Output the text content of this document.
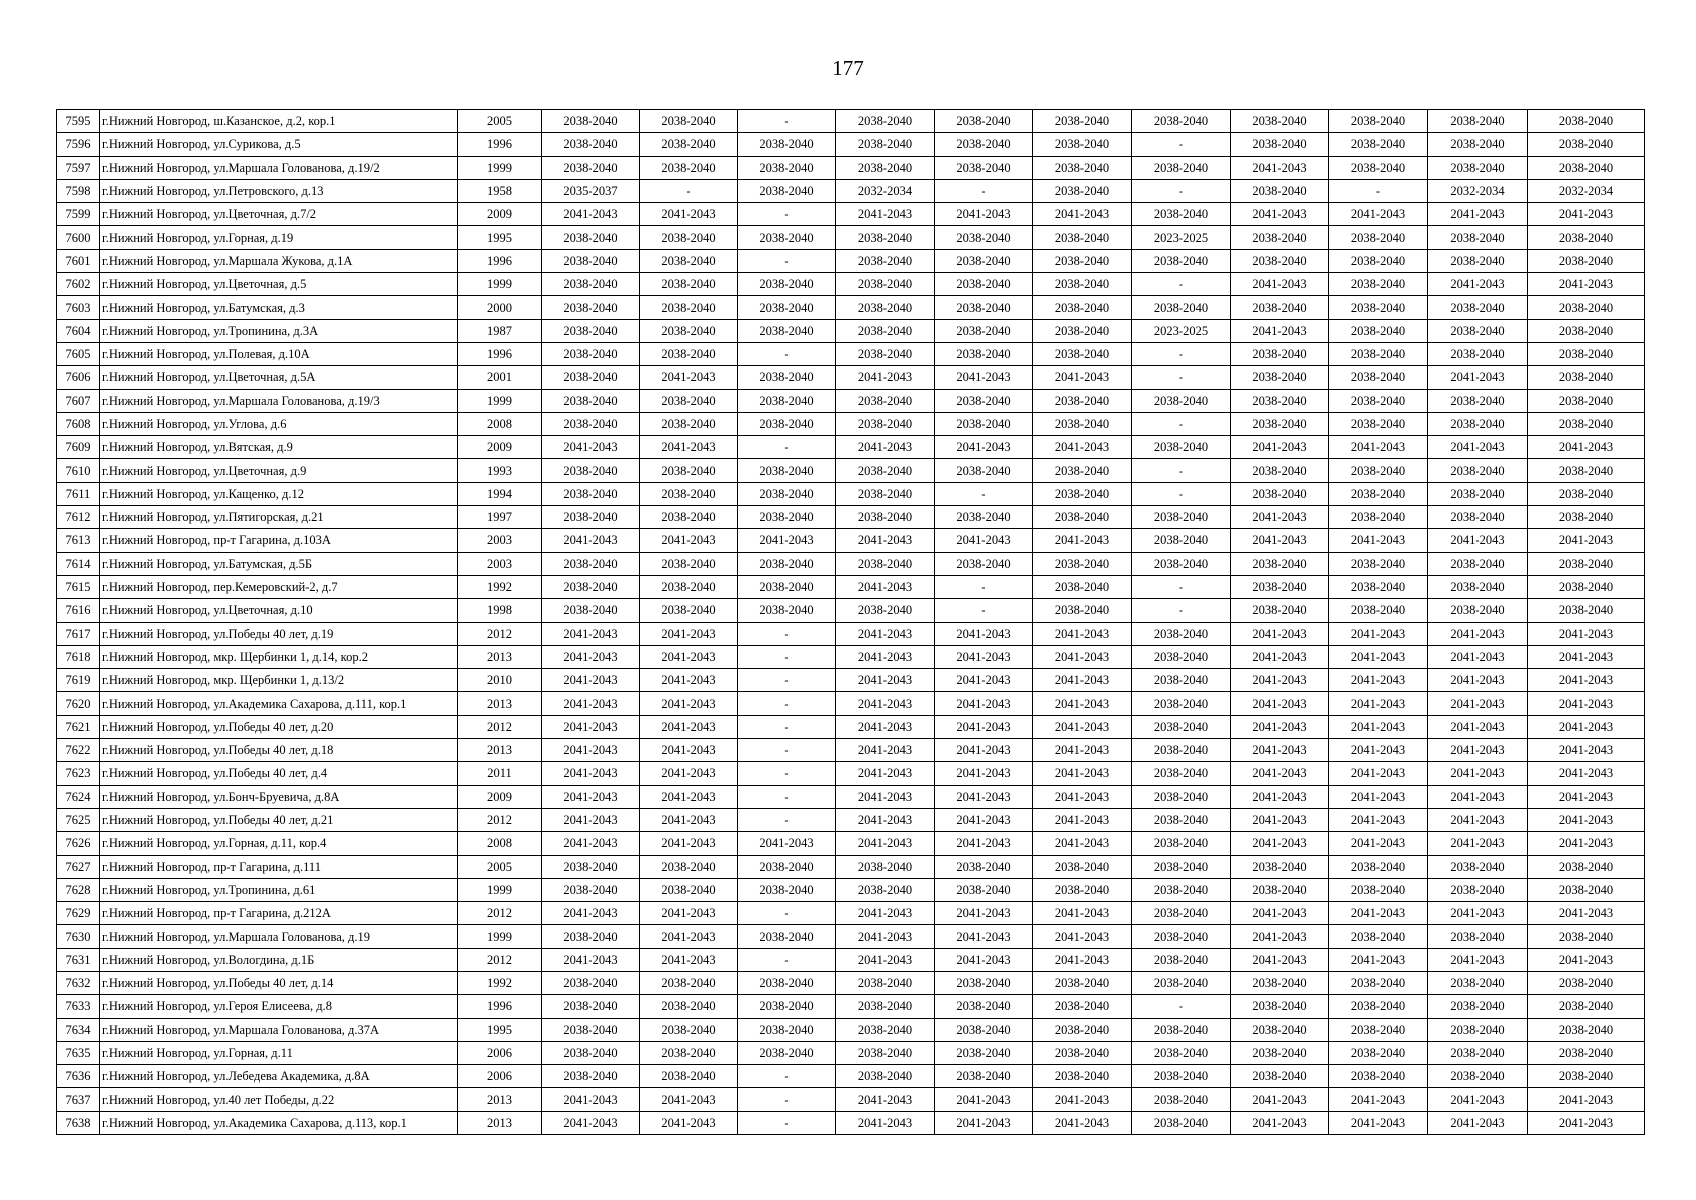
177
7595	г.Нижний Новгород, ш.Казанское, д.2, кор.1	2005	2038-2040	2038-2040	-	2038-2040	2038-2040	2038-2040	2038-2040	2038-2040	2038-2040	2038-2040	2038-2040
7596	г.Нижний Новгород, ул.Сурикова, д.5	1996	2038-2040	2038-2040	2038-2040	2038-2040	2038-2040	2038-2040	-	2038-2040	2038-2040	2038-2040	2038-2040
7597	г.Нижний Новгород, ул.Маршала Голованова, д.19/2	1999	2038-2040	2038-2040	2038-2040	2038-2040	2038-2040	2038-2040	2038-2040	2041-2043	2038-2040	2038-2040	2038-2040
7598	г.Нижний Новгород, ул.Петровского, д.13	1958	2035-2037	-	2038-2040	2032-2034	-	2038-2040	-	2038-2040	-	2032-2034	2032-2034
7599	г.Нижний Новгород, ул.Цветочная, д.7/2	2009	2041-2043	2041-2043	-	2041-2043	2041-2043	2041-2043	2038-2040	2041-2043	2041-2043	2041-2043	2041-2043
7600	г.Нижний Новгород, ул.Горная, д.19	1995	2038-2040	2038-2040	2038-2040	2038-2040	2038-2040	2038-2040	2023-2025	2038-2040	2038-2040	2038-2040	2038-2040
7601	г.Нижний Новгород, ул.Маршала Жукова, д.1А	1996	2038-2040	2038-2040	-	2038-2040	2038-2040	2038-2040	2038-2040	2038-2040	2038-2040	2038-2040	2038-2040
7602	г.Нижний Новгород, ул.Цветочная, д.5	1999	2038-2040	2038-2040	2038-2040	2038-2040	2038-2040	2038-2040	-	2041-2043	2038-2040	2041-2043	2041-2043
7603	г.Нижний Новгород, ул.Батумская, д.3	2000	2038-2040	2038-2040	2038-2040	2038-2040	2038-2040	2038-2040	2038-2040	2038-2040	2038-2040	2038-2040	2038-2040
7604	г.Нижний Новгород, ул.Тропинина, д.3А	1987	2038-2040	2038-2040	2038-2040	2038-2040	2038-2040	2038-2040	2023-2025	2041-2043	2038-2040	2038-2040	2038-2040
7605	г.Нижний Новгород, ул.Полевая, д.10А	1996	2038-2040	2038-2040	-	2038-2040	2038-2040	2038-2040	-	2038-2040	2038-2040	2038-2040	2038-2040
7606	г.Нижний Новгород, ул.Цветочная, д.5А	2001	2038-2040	2041-2043	2038-2040	2041-2043	2041-2043	2041-2043	-	2038-2040	2038-2040	2041-2043	2038-2040
7607	г.Нижний Новгород, ул.Маршала Голованова, д.19/3	1999	2038-2040	2038-2040	2038-2040	2038-2040	2038-2040	2038-2040	2038-2040	2038-2040	2038-2040	2038-2040	2038-2040
7608	г.Нижний Новгород, ул.Углова, д.6	2008	2038-2040	2038-2040	2038-2040	2038-2040	2038-2040	2038-2040	-	2038-2040	2038-2040	2038-2040	2038-2040
7609	г.Нижний Новгород, ул.Вятская, д.9	2009	2041-2043	2041-2043	-	2041-2043	2041-2043	2041-2043	2038-2040	2041-2043	2041-2043	2041-2043	2041-2043
7610	г.Нижний Новгород, ул.Цветочная, д.9	1993	2038-2040	2038-2040	2038-2040	2038-2040	2038-2040	2038-2040	-	2038-2040	2038-2040	2038-2040	2038-2040
7611	г.Нижний Новгород, ул.Кащенко, д.12	1994	2038-2040	2038-2040	2038-2040	2038-2040	-	2038-2040	-	2038-2040	2038-2040	2038-2040	2038-2040
7612	г.Нижний Новгород, ул.Пятигорская, д.21	1997	2038-2040	2038-2040	2038-2040	2038-2040	2038-2040	2038-2040	2038-2040	2041-2043	2038-2040	2038-2040	2038-2040
7613	г.Нижний Новгород, пр-т Гагарина, д.103А	2003	2041-2043	2041-2043	2041-2043	2041-2043	2041-2043	2041-2043	2038-2040	2041-2043	2041-2043	2041-2043	2041-2043
7614	г.Нижний Новгород, ул.Батумская, д.5Б	2003	2038-2040	2038-2040	2038-2040	2038-2040	2038-2040	2038-2040	2038-2040	2038-2040	2038-2040	2038-2040	2038-2040
7615	г.Нижний Новгород, пер.Кемеровский-2, д.7	1992	2038-2040	2038-2040	2038-2040	2041-2043	-	2038-2040	-	2038-2040	2038-2040	2038-2040	2038-2040
7616	г.Нижний Новгород, ул.Цветочная, д.10	1998	2038-2040	2038-2040	2038-2040	2038-2040	-	2038-2040	-	2038-2040	2038-2040	2038-2040	2038-2040
7617	г.Нижний Новгород, ул.Победы 40 лет, д.19	2012	2041-2043	2041-2043	-	2041-2043	2041-2043	2041-2043	2038-2040	2041-2043	2041-2043	2041-2043	2041-2043
7618	г.Нижний Новгород, мкр. Щербинки 1, д.14, кор.2	2013	2041-2043	2041-2043	-	2041-2043	2041-2043	2041-2043	2038-2040	2041-2043	2041-2043	2041-2043	2041-2043
7619	г.Нижний Новгород, мкр. Щербинки 1, д.13/2	2010	2041-2043	2041-2043	-	2041-2043	2041-2043	2041-2043	2038-2040	2041-2043	2041-2043	2041-2043	2041-2043
7620	г.Нижний Новгород, ул.Академика Сахарова, д.111, кор.1	2013	2041-2043	2041-2043	-	2041-2043	2041-2043	2041-2043	2038-2040	2041-2043	2041-2043	2041-2043	2041-2043
7621	г.Нижний Новгород, ул.Победы 40 лет, д.20	2012	2041-2043	2041-2043	-	2041-2043	2041-2043	2041-2043	2038-2040	2041-2043	2041-2043	2041-2043	2041-2043
7622	г.Нижний Новгород, ул.Победы 40 лет, д.18	2013	2041-2043	2041-2043	-	2041-2043	2041-2043	2041-2043	2038-2040	2041-2043	2041-2043	2041-2043	2041-2043
7623	г.Нижний Новгород, ул.Победы 40 лет, д.4	2011	2041-2043	2041-2043	-	2041-2043	2041-2043	2041-2043	2038-2040	2041-2043	2041-2043	2041-2043	2041-2043
7624	г.Нижний Новгород, ул.Бонч-Бруевича, д.8А	2009	2041-2043	2041-2043	-	2041-2043	2041-2043	2041-2043	2038-2040	2041-2043	2041-2043	2041-2043	2041-2043
7625	г.Нижний Новгород, ул.Победы 40 лет, д.21	2012	2041-2043	2041-2043	-	2041-2043	2041-2043	2041-2043	2038-2040	2041-2043	2041-2043	2041-2043	2041-2043
7626	г.Нижний Новгород, ул.Горная, д.11, кор.4	2008	2041-2043	2041-2043	2041-2043	2041-2043	2041-2043	2041-2043	2038-2040	2041-2043	2041-2043	2041-2043	2041-2043
7627	г.Нижний Новгород, пр-т Гагарина, д.111	2005	2038-2040	2038-2040	2038-2040	2038-2040	2038-2040	2038-2040	2038-2040	2038-2040	2038-2040	2038-2040	2038-2040
7628	г.Нижний Новгород, ул.Тропинина, д.61	1999	2038-2040	2038-2040	2038-2040	2038-2040	2038-2040	2038-2040	2038-2040	2038-2040	2038-2040	2038-2040	2038-2040
7629	г.Нижний Новгород, пр-т Гагарина, д.212А	2012	2041-2043	2041-2043	-	2041-2043	2041-2043	2041-2043	2038-2040	2041-2043	2041-2043	2041-2043	2041-2043
7630	г.Нижний Новгород, ул.Маршала Голованова, д.19	1999	2038-2040	2041-2043	2038-2040	2041-2043	2041-2043	2041-2043	2038-2040	2041-2043	2038-2040	2038-2040	2038-2040
7631	г.Нижний Новгород, ул.Вологдина, д.1Б	2012	2041-2043	2041-2043	-	2041-2043	2041-2043	2041-2043	2038-2040	2041-2043	2041-2043	2041-2043	2041-2043
7632	г.Нижний Новгород, ул.Победы 40 лет, д.14	1992	2038-2040	2038-2040	2038-2040	2038-2040	2038-2040	2038-2040	2038-2040	2038-2040	2038-2040	2038-2040	2038-2040
7633	г.Нижний Новгород, ул.Героя Елисеева, д.8	1996	2038-2040	2038-2040	2038-2040	2038-2040	2038-2040	2038-2040	-	2038-2040	2038-2040	2038-2040	2038-2040
7634	г.Нижний Новгород, ул.Маршала Голованова, д.37А	1995	2038-2040	2038-2040	2038-2040	2038-2040	2038-2040	2038-2040	2038-2040	2038-2040	2038-2040	2038-2040	2038-2040
7635	г.Нижний Новгород, ул.Горная, д.11	2006	2038-2040	2038-2040	2038-2040	2038-2040	2038-2040	2038-2040	2038-2040	2038-2040	2038-2040	2038-2040	2038-2040
7636	г.Нижний Новгород, ул.Лебедева Академика, д.8А	2006	2038-2040	2038-2040	-	2038-2040	2038-2040	2038-2040	2038-2040	2038-2040	2038-2040	2038-2040	2038-2040
7637	г.Нижний Новгород, ул.40 лет Победы, д.22	2013	2041-2043	2041-2043	-	2041-2043	2041-2043	2041-2043	2038-2040	2041-2043	2041-2043	2041-2043	2041-2043
7638	г.Нижний Новгород, ул.Академика Сахарова, д.113, кор.1	2013	2041-2043	2041-2043	-	2041-2043	2041-2043	2041-2043	2038-2040	2041-2043	2041-2043	2041-2043	2041-2043
